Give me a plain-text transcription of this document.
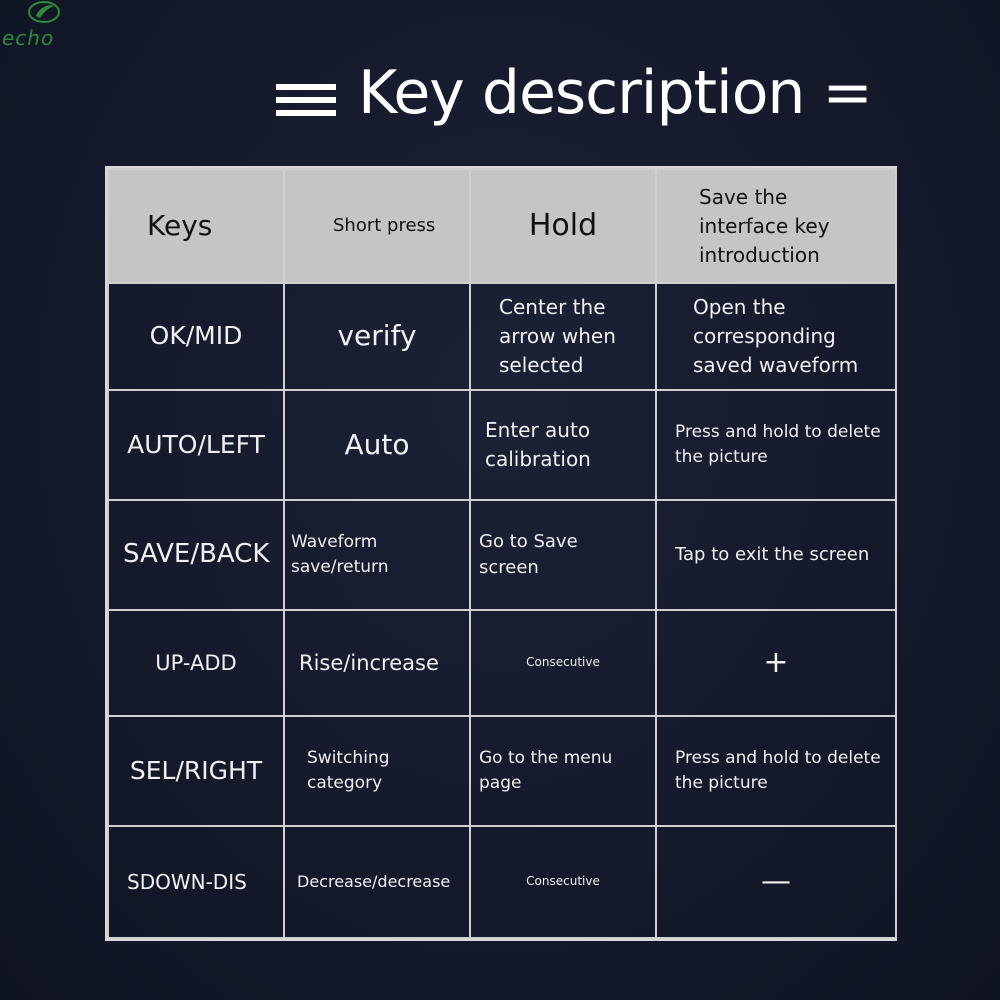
echo
Key description =
Keys	Short press	Hold	Save the interface key introduction
OK/MID	verify	Center the arrow when selected	Open the corresponding saved waveform
AUTO/LEFT	Auto	Enter auto calibration	Press and hold to delete the picture
SAVE/BACK	Waveform save/return	Go to Save screen	Tap to exit the screen
UP-ADD	Rise/increase	Consecutive	+
SEL/RIGHT	Switching category	Go to the menu page	Press and hold to delete the picture
SDOWN-DIS	Decrease/decrease	Consecutive	—
